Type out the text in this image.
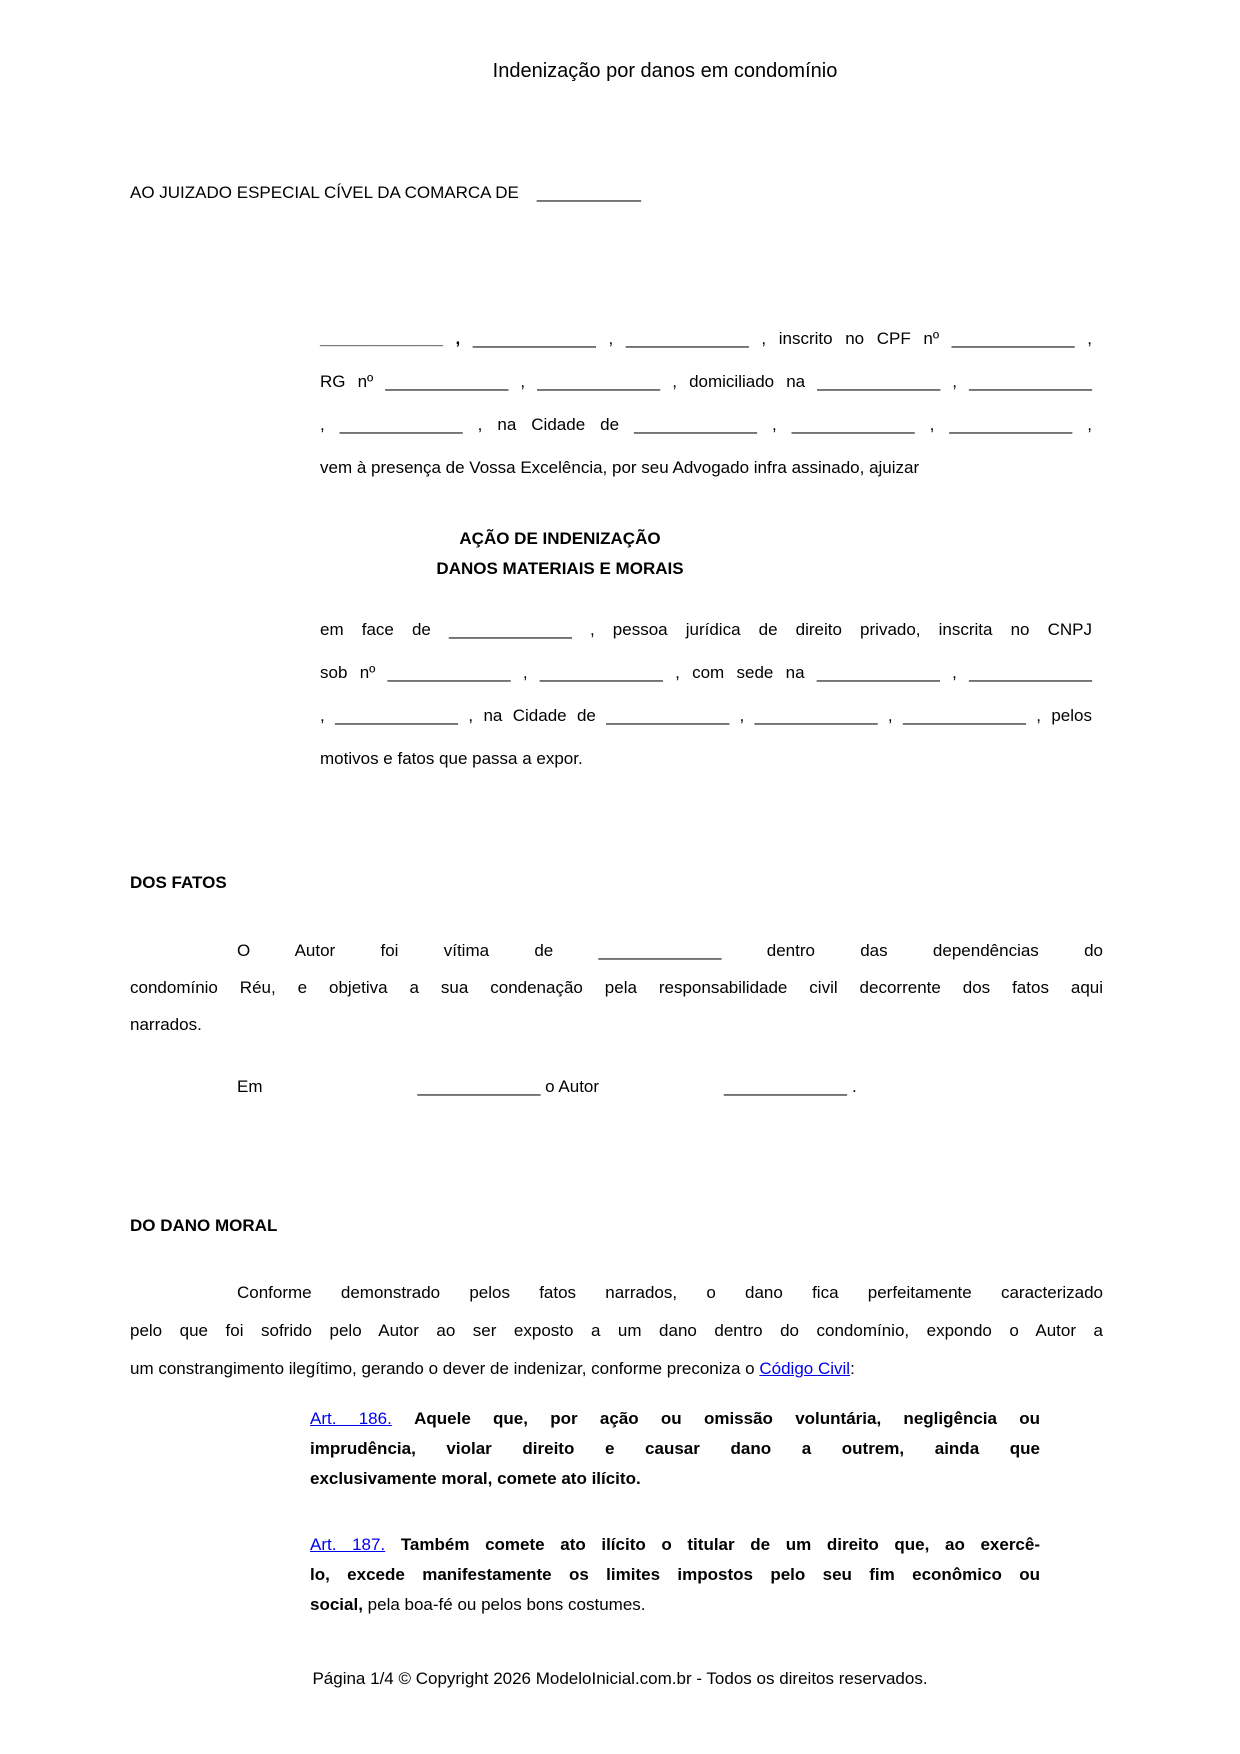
Indenização por danos em condomínio
AO JUIZADO ESPECIAL CÍVEL DA COMARCA DE ___________
_____________ , _____________ , _____________ , inscrito no CPF nº _____________ ,
RG nº _____________ , _____________ , domiciliado na _____________ , _____________
, _____________ , na Cidade de _____________ , _____________ , _____________ ,
vem à presença de Vossa Excelência, por seu Advogado infra assinado, ajuizar
AÇÃO DE INDENIZAÇÃO
DANOS MATERIAIS E MORAIS
em face de _____________ , pessoa jurídica de direito privado, inscrita no CNPJ
sob nº _____________ , _____________ , com sede na _____________ , _____________
, _____________ , na Cidade de _____________ , _____________ , _____________ , pelos
motivos e fatos que passa a expor.
DOS FATOS
O Autor foi vítima de _____________ dentro das dependências do
condomínio Réu, e objetiva a sua condenação pela responsabilidade civil decorrente dos fatos aqui
narrados.
Em	_____________ o Autor	_____________ .
DO DANO MORAL
Conforme demonstrado pelos fatos narrados, o dano fica perfeitamente caracterizado
pelo que foi sofrido pelo Autor ao ser exposto a um dano dentro do condomínio, expondo o Autor a
um constrangimento ilegítimo, gerando o dever de indenizar, conforme preconiza o Código Civil:
Art. 186. Aquele que, por ação ou omissão voluntária, negligência ou
imprudência, violar direito e causar dano a outrem, ainda que
exclusivamente moral, comete ato ilícito.
Art. 187. Também comete ato ilícito o titular de um direito que, ao exercê-
lo, excede manifestamente os limites impostos pelo seu fim econômico ou
social, pela boa-fé ou pelos bons costumes.
Página 1/4 © Copyright 2026 ModeloInicial.com.br - Todos os direitos reservados.
